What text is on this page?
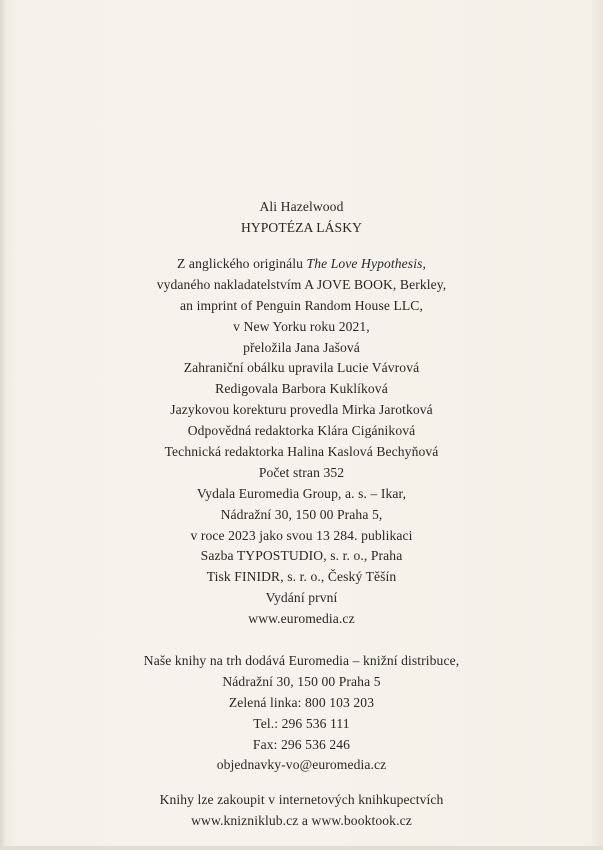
Ali Hazelwood
HYPOTÉZA LÁSKY
Z anglického originálu The Love Hypothesis,
vydaného nakladatelstvím A JOVE BOOK, Berkley,
an imprint of Penguin Random House LLC,
v New Yorku roku 2021,
přeložila Jana Jašová
Zahraniční obálku upravila Lucie Vávrová
Redigovala Barbora Kuklíková
Jazykovou korekturu provedla Mirka Jarotková
Odpovědná redaktorka Klára Cigániková
Technická redaktorka Halina Kaslová Bechyňová
Počet stran 352
Vydala Euromedia Group, a. s. – Ikar,
Nádražní 30, 150 00 Praha 5,
v roce 2023 jako svou 13 284. publikaci
Sazba TYPOSTUDIO, s. r. o., Praha
Tisk FINIDR, s. r. o., Český Těšín
Vydání první
www.euromedia.cz
Naše knihy na trh dodává Euromedia – knižní distribuce,
Nádražní 30, 150 00 Praha 5
Zelená linka: 800 103 203
Tel.: 296 536 111
Fax: 296 536 246
objednavky-vo@euromedia.cz
Knihy lze zakoupit v internetových knihkupectvích
www.knizniklub.cz a www.booktook.cz
